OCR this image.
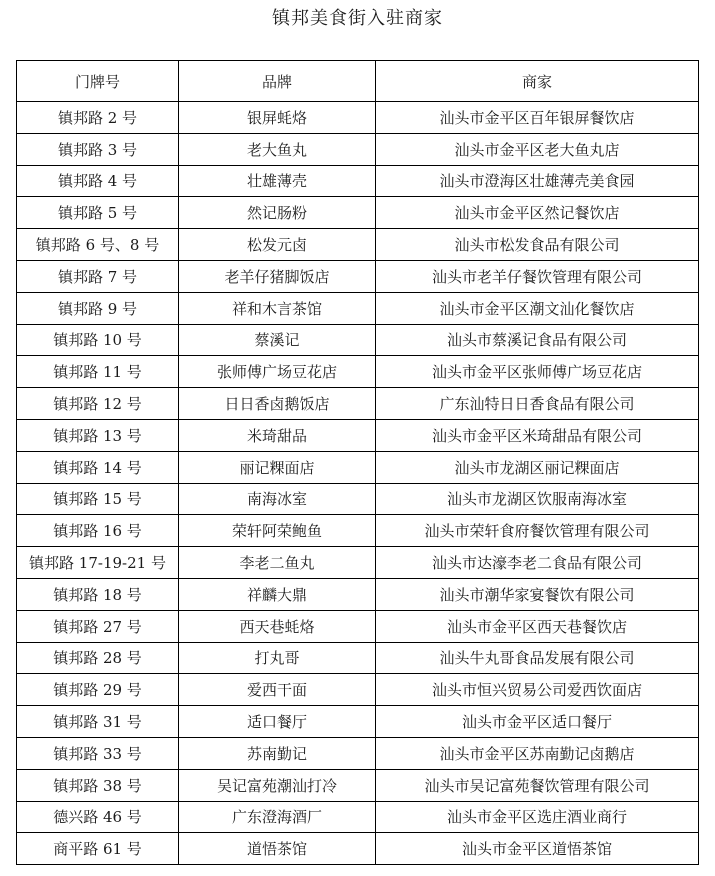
镇邦美食街入驻商家
门牌号	品牌	商家
镇邦路 2 号	银屏蚝烙	汕头市金平区百年银屏餐饮店
镇邦路 3 号	老大鱼丸	汕头市金平区老大鱼丸店
镇邦路 4 号	壮雄薄壳	汕头市澄海区壮雄薄壳美食园
镇邦路 5 号	然记肠粉	汕头市金平区然记餐饮店
镇邦路 6 号、8 号	松发元卤	汕头市松发食品有限公司
镇邦路 7 号	老羊仔猪脚饭店	汕头市老羊仔餐饮管理有限公司
镇邦路 9 号	祥和木言茶馆	汕头市金平区潮文汕化餐饮店
镇邦路 10 号	蔡溪记	汕头市蔡溪记食品有限公司
镇邦路 11 号	张师傅广场豆花店	汕头市金平区张师傅广场豆花店
镇邦路 12 号	日日香卤鹅饭店	广东汕特日日香食品有限公司
镇邦路 13 号	米琦甜品	汕头市金平区米琦甜品有限公司
镇邦路 14 号	丽记粿面店	汕头市龙湖区丽记粿面店
镇邦路 15 号	南海冰室	汕头市龙湖区饮服南海冰室
镇邦路 16 号	荣轩阿荣鲍鱼	汕头市荣轩食府餐饮管理有限公司
镇邦路 17-19-21 号	李老二鱼丸	汕头市达濠李老二食品有限公司
镇邦路 18 号	祥麟大鼎	汕头市潮华家宴餐饮有限公司
镇邦路 27 号	西天巷蚝烙	汕头市金平区西天巷餐饮店
镇邦路 28 号	打丸哥	汕头牛丸哥食品发展有限公司
镇邦路 29 号	爱西干面	汕头市恒兴贸易公司爱西饮面店
镇邦路 31 号	适口餐厅	汕头市金平区适口餐厅
镇邦路 33 号	苏南勤记	汕头市金平区苏南勤记卤鹅店
镇邦路 38 号	吴记富苑潮汕打冷	汕头市吴记富苑餐饮管理有限公司
德兴路 46 号	广东澄海酒厂	汕头市金平区选庄酒业商行
商平路 61 号	道悟茶馆	汕头市金平区道悟茶馆
